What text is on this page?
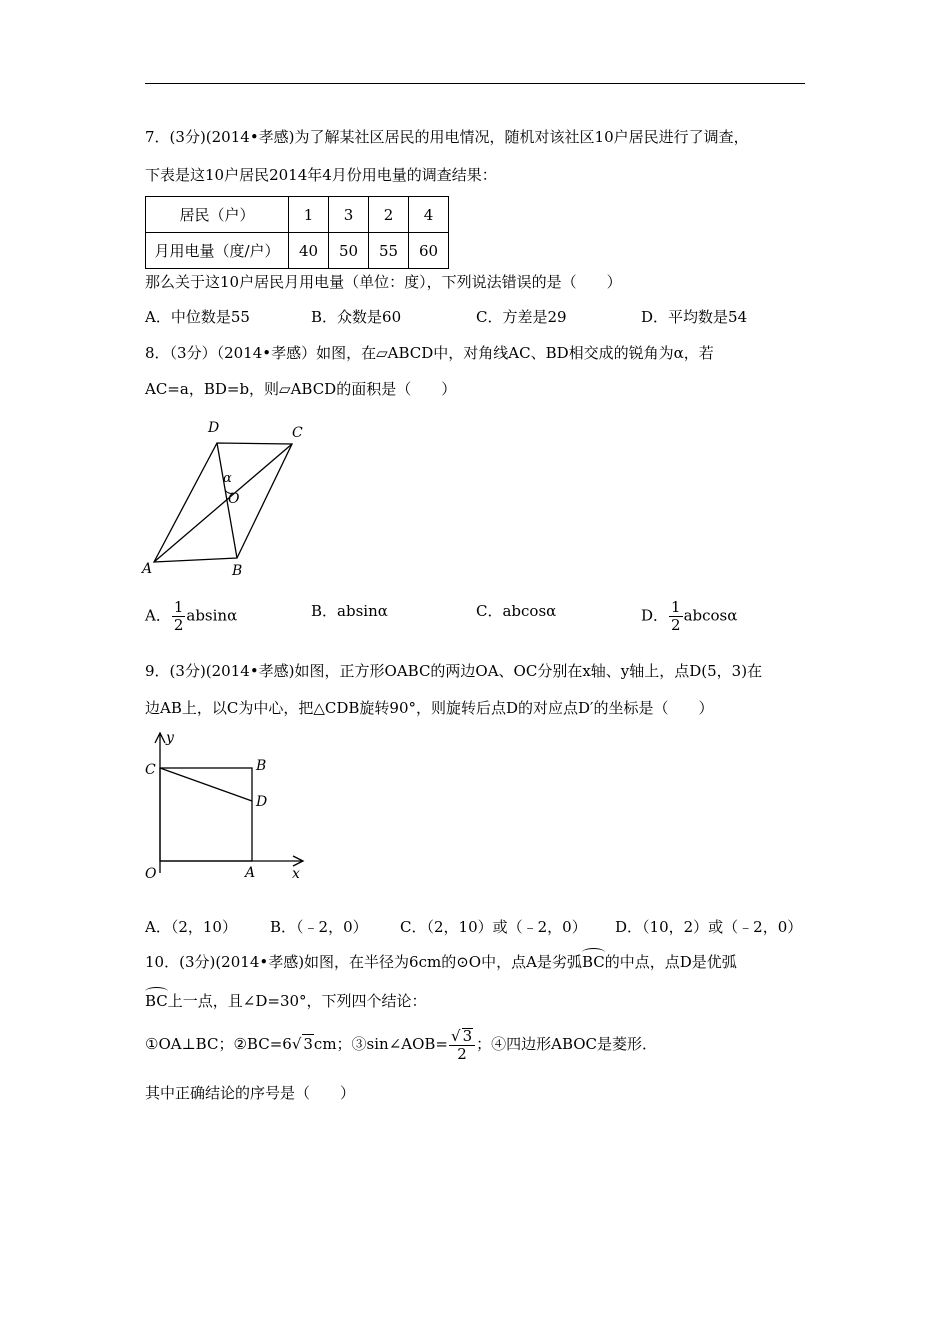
7．(3分)(2014•孝感)为了解某社区居民的用电情况，随机对该社区10户居民进行了调查，
下表是这10户居民2014年4月份用电量的调查结果：
居民（户）	1	3	2	4
月用电量（度/户）	40	50	55	60
那么关于这10户居民月用电量（单位：度），下列说法错误的是（　　）
A．中位数是55	B．众数是60	C．方差是29	D．平均数是54
8．（3分）（2014•孝感）如图，在▱ABCD中，对角线AC、BD相交成的锐角为α，若
AC=a，BD=b，则▱ABCD的面积是（　　）
D	C
α
O
A	B
A． $\frac{1}{2}$ absinα	B．absinα	C．abcosα	D． $\frac{1}{2}$ abcosα
9．(3分)(2014•孝感)如图，正方形OABC的两边OA、OC分别在x轴、y轴上，点D(5，3)在
边AB上，以C为中心，把△CDB旋转90°，则旋转后点D的对应点D′的坐标是（　　）
y
C	B
D
O	A	x
A．（2，10） B．（﹣2，0） C．（2，10）或（﹣2，0） D．（10，2）或（﹣2，0）
10．(3分)(2014•孝感)如图，在半径为6cm的⊙O中，点A是劣弧BC的中点，点D是优弧
BC上一点，且∠D=30°，下列四个结论：
①OA⊥BC；②BC=6√ 3cm；③sin∠AOB= $\frac{√ 3}{2}$ ；④四边形ABOC是菱形．
其中正确结论的序号是（　　）
